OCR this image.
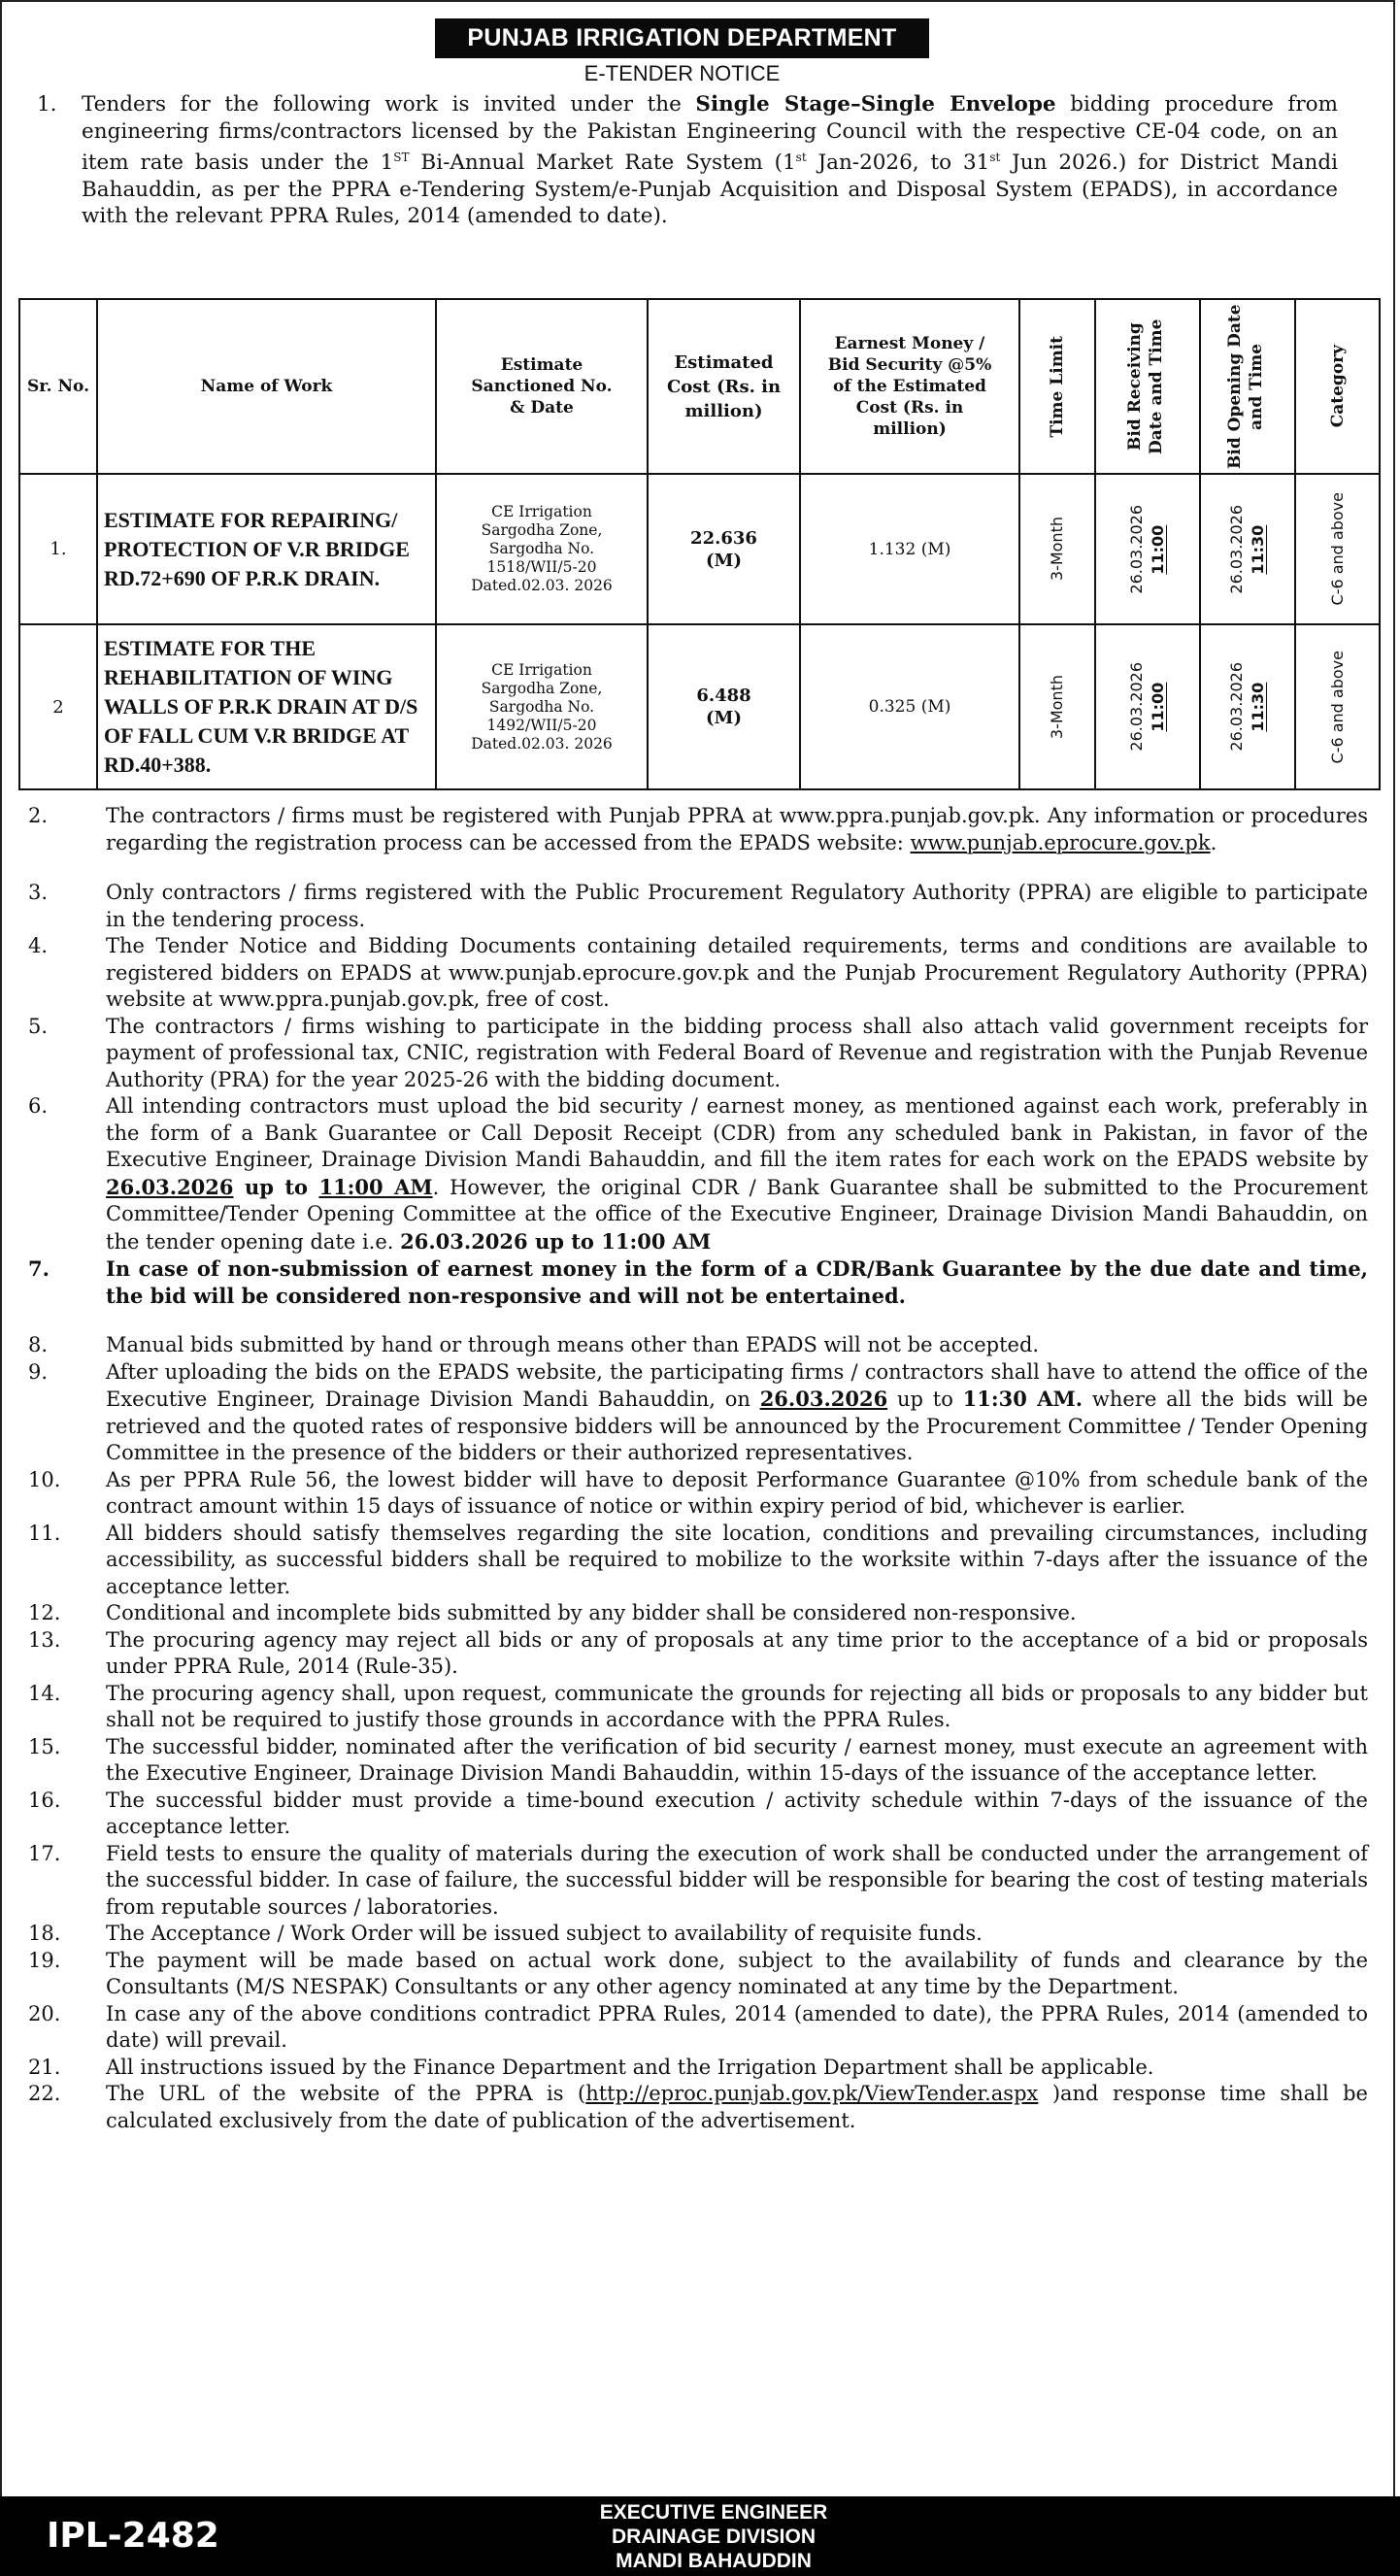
PUNJAB IRRIGATION DEPARTMENT
E-TENDER NOTICE
1. Tenders for the following work is invited under the Single Stage–Single Envelope bidding procedure from engineering firms/contractors licensed by the Pakistan Engineering Council with the respective CE-04 code, on an item rate basis under the 1ST Bi-Annual Market Rate System (1st Jan-2026, to 31st Jun 2026.) for District Mandi Bahauddin, as per the PPRA e-Tendering System/e-Punjab Acquisition and Disposal System (EPADS), in accordance with the relevant PPRA Rules, 2014 (amended to date).
Sr. No.	Name of Work	Estimate Sanctioned No. & Date	Estimated Cost (Rs. in million)	Earnest Money / Bid Security @5% of the Estimated Cost (Rs. in million)	Time Limit	Bid Receiving Date and Time	Bid Opening Date and Time	Category

1.	ESTIMATE FOR REPAIRING/ PROTECTION OF V.R BRIDGE RD.72+690 OF P.R.K DRAIN.	CE Irrigation Sargodha Zone, Sargodha No. 1518/WII/5-20 Dated.02.03. 2026	22.636 (M)	1.132 (M)	3-Month	26.03.2026 11:00	26.03.2026 11:30	C-6 and above

2	ESTIMATE FOR THE REHABILITATION OF WING WALLS OF P.R.K DRAIN AT D/S OF FALL CUM V.R BRIDGE AT RD.40+388.	CE Irrigation Sargodha Zone, Sargodha No. 1492/WII/5-20 Dated.02.03. 2026	6.488 (M)	0.325 (M)	3-Month	26.03.2026 11:00	26.03.2026 11:30	C-6 and above
2.	The contractors / firms must be registered with Punjab PPRA at www.ppra.punjab.gov.pk. Any information or procedures regarding the registration process can be accessed from the EPADS website: www.punjab.eprocure.gov.pk.
3.	Only contractors / firms registered with the Public Procurement Regulatory Authority (PPRA) are eligible to participate in the tendering process.
4.	The Tender Notice and Bidding Documents containing detailed requirements, terms and conditions are available to registered bidders on EPADS at www.punjab.eprocure.gov.pk and the Punjab Procurement Regulatory Authority (PPRA) website at www.ppra.punjab.gov.pk, free of cost.
5.	The contractors / firms wishing to participate in the bidding process shall also attach valid government receipts for payment of professional tax, CNIC, registration with Federal Board of Revenue and registration with the Punjab Revenue Authority (PRA) for the year 2025-26 with the bidding document.
6.	All intending contractors must upload the bid security / earnest money, as mentioned against each work, preferably in the form of a Bank Guarantee or Call Deposit Receipt (CDR) from any scheduled bank in Pakistan, in favor of the Executive Engineer, Drainage Division Mandi Bahauddin, and fill the item rates for each work on the EPADS website by 26.03.2026 up to 11:00 AM. However, the original CDR / Bank Guarantee shall be submitted to the Procurement Committee/Tender Opening Committee at the office of the Executive Engineer, Drainage Division Mandi Bahauddin, on the tender opening date i.e. 26.03.2026 up to 11:00 AM
7.	In case of non-submission of earnest money in the form of a CDR/Bank Guarantee by the due date and time, the bid will be considered non-responsive and will not be entertained.
8.	Manual bids submitted by hand or through means other than EPADS will not be accepted.
9.	After uploading the bids on the EPADS website, the participating firms / contractors shall have to attend the office of the Executive Engineer, Drainage Division Mandi Bahauddin, on 26.03.2026 up to 11:30 AM. where all the bids will be retrieved and the quoted rates of responsive bidders will be announced by the Procurement Committee / Tender Opening Committee in the presence of the bidders or their authorized representatives.
10. As per PPRA Rule 56, the lowest bidder will have to deposit Performance Guarantee @10% from schedule bank of the contract amount within 15 days of issuance of notice or within expiry period of bid, whichever is earlier.
11. All bidders should satisfy themselves regarding the site location, conditions and prevailing circumstances, including accessibility, as successful bidders shall be required to mobilize to the worksite within 7-days after the issuance of the acceptance letter.
12. Conditional and incomplete bids submitted by any bidder shall be considered non-responsive.
13. The procuring agency may reject all bids or any of proposals at any time prior to the acceptance of a bid or proposals under PPRA Rule, 2014 (Rule-35).
14. The procuring agency shall, upon request, communicate the grounds for rejecting all bids or proposals to any bidder but shall not be required to justify those grounds in accordance with the PPRA Rules.
15. The successful bidder, nominated after the verification of bid security / earnest money, must execute an agreement with the Executive Engineer, Drainage Division Mandi Bahauddin, within 15-days of the issuance of the acceptance letter.
16. The successful bidder must provide a time-bound execution / activity schedule within 7-days of the issuance of the acceptance letter.
17. Field tests to ensure the quality of materials during the execution of work shall be conducted under the arrangement of the successful bidder. In case of failure, the successful bidder will be responsible for bearing the cost of testing materials from reputable sources / laboratories.
18. The Acceptance / Work Order will be issued subject to availability of requisite funds.
19. The payment will be made based on actual work done, subject to the availability of funds and clearance by the Consultants (M/S NESPAK) Consultants or any other agency nominated at any time by the Department.
20. In case any of the above conditions contradict PPRA Rules, 2014 (amended to date), the PPRA Rules, 2014 (amended to date) will prevail.
21. All instructions issued by the Finance Department and the Irrigation Department shall be applicable.
22. The URL of the website of the PPRA is (http://eproc.punjab.gov.pk/ViewTender.aspx )and response time shall be calculated exclusively from the date of publication of the advertisement.
IPL-2482
EXECUTIVE ENGINEER
DRAINAGE DIVISION
MANDI BAHAUDDIN
